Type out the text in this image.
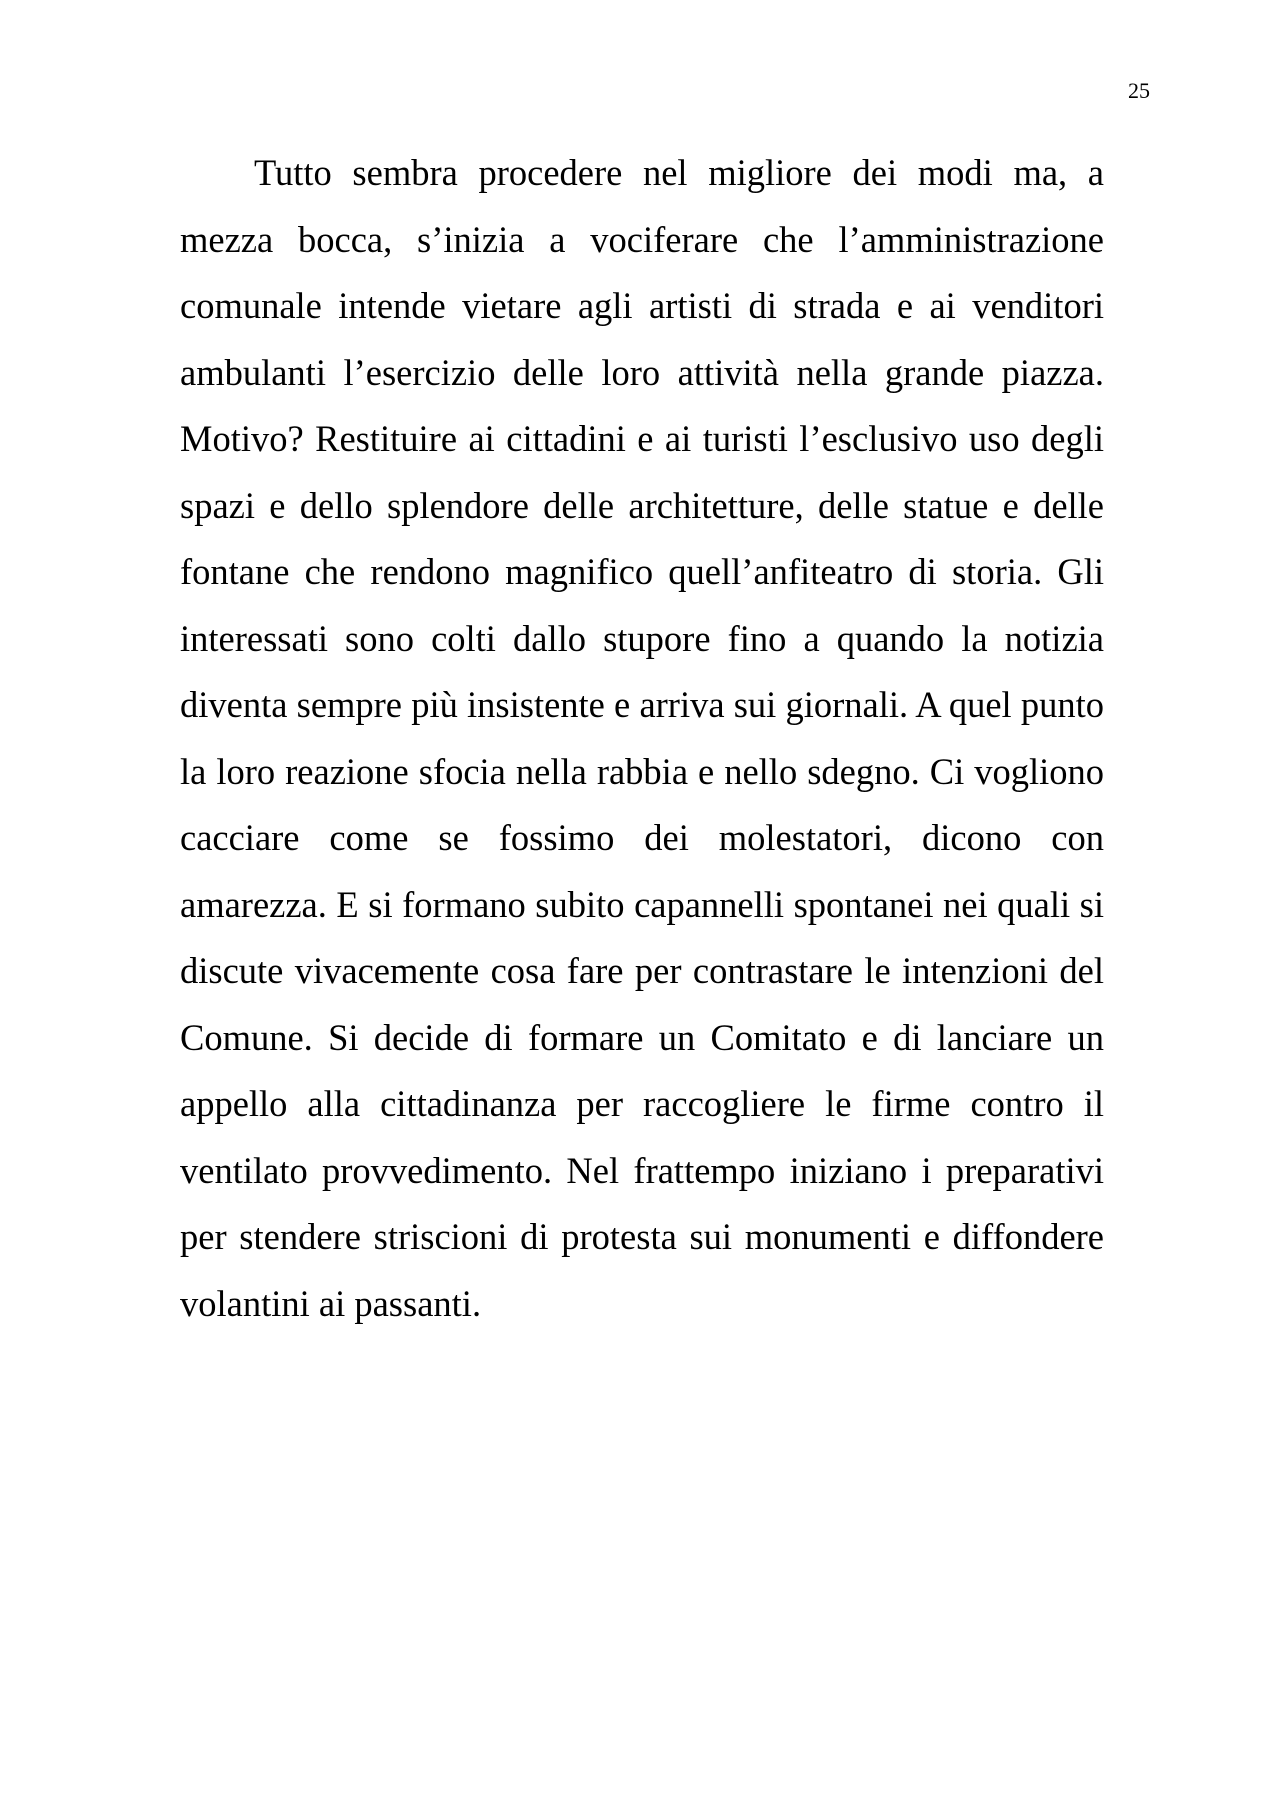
25

Tutto sembra procedere nel migliore dei modi ma, a mezza bocca, s’inizia a vociferare che l’amministrazione comunale intende vietare agli artisti di strada e ai venditori ambulanti l’esercizio delle loro attività nella grande piazza. Motivo? Restituire ai cittadini e ai turisti l’esclusivo uso degli spazi e dello splendore delle architetture, delle statue e delle fontane che rendono magnifico quell’anfiteatro di storia. Gli interessati sono colti dallo stupore fino a quando la notizia diventa sempre più insistente e arriva sui giornali. A quel punto la loro reazione sfocia nella rabbia e nello sdegno. Ci vogliono cacciare come se fossimo dei molestatori, dicono con amarezza. E si formano subito capannelli spontanei nei quali si discute vivacemente cosa fare per contrastare le intenzioni del Comune. Si decide di formare un Comitato e di lanciare un appello alla cittadinanza per raccogliere le firme contro il ventilato provvedimento. Nel frattempo iniziano i preparativi per stendere striscioni di protesta sui monumenti e diffondere volantini ai passanti.
